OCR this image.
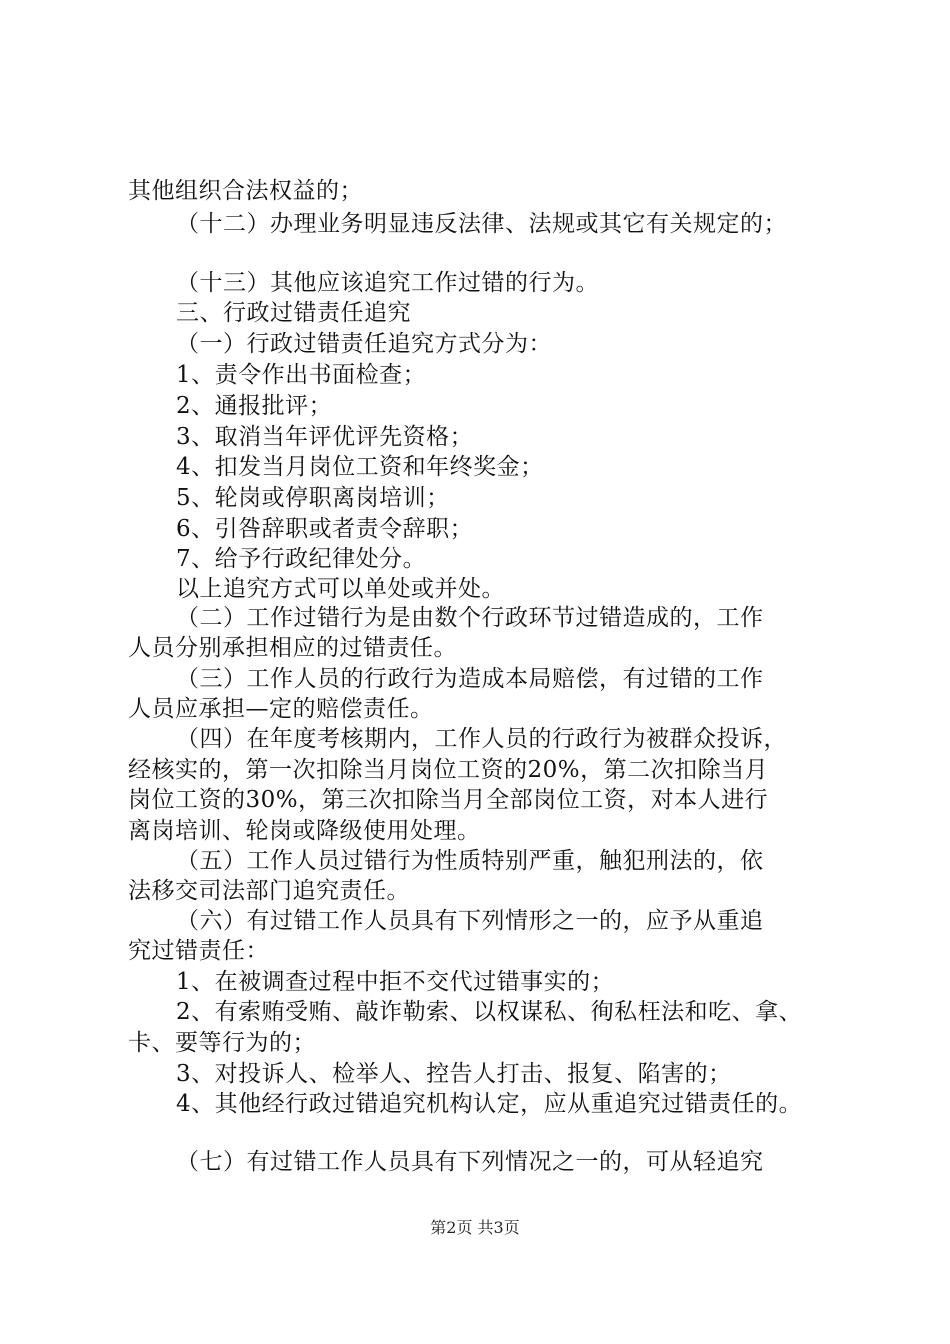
其他组织合法权益的；
（十二）办理业务明显违反法律、法规或其它有关规定的；
（十三）其他应该追究工作过错的行为。
三、行政过错责任追究
（一）行政过错责任追究方式分为：
1、责令作出书面检查；
2、通报批评；
3、取消当年评优评先资格；
4、扣发当月岗位工资和年终奖金；
5、轮岗或停职离岗培训；
6、引咎辞职或者责令辞职；
7、给予行政纪律处分。
以上追究方式可以单处或并处。
（二）工作过错行为是由数个行政环节过错造成的，工作
人员分别承担相应的过错责任。
（三）工作人员的行政行为造成本局赔偿，有过错的工作
人员应承担—定的赔偿责任。
（四）在年度考核期内，工作人员的行政行为被群众投诉，
经核实的，第一次扣除当月岗位工资的20%，第二次扣除当月
岗位工资的30%，第三次扣除当月全部岗位工资，对本人进行
离岗培训、轮岗或降级使用处理。
（五）工作人员过错行为性质特别严重，触犯刑法的，依
法移交司法部门追究责任。
（六）有过错工作人员具有下列情形之一的，应予从重追
究过错责任：
1、在被调查过程中拒不交代过错事实的；
2、有索贿受贿、敲诈勒索、以权谋私、徇私枉法和吃、拿、
卡、要等行为的；
3、对投诉人、检举人、控告人打击、报复、陷害的；
4、其他经行政过错追究机构认定，应从重追究过错责任的。
（七）有过错工作人员具有下列情况之一的，可从轻追究
第2页 共3页
